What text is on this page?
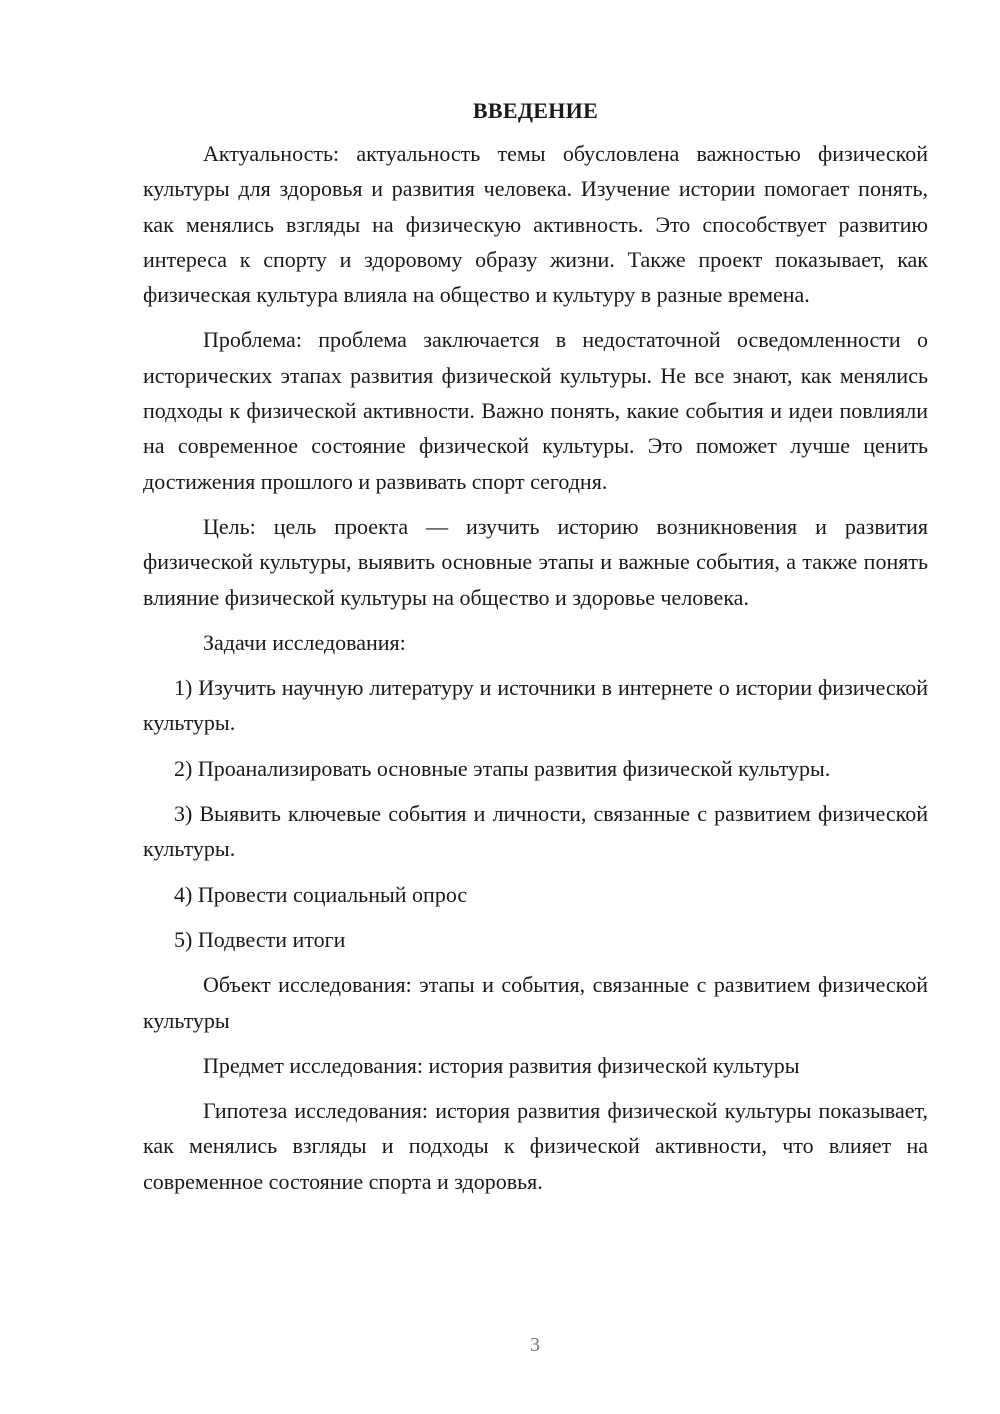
ВВЕДЕНИЕ
Актуальность: актуальность темы обусловлена важностью физической культуры для здоровья и развития человека. Изучение истории помогает понять, как менялись взгляды на физическую активность. Это способствует развитию интереса к спорту и здоровому образу жизни. Также проект показывает, как физическая культура влияла на общество и культуру в разные времена.
Проблема: проблема заключается в недостаточной осведомленности о исторических этапах развития физической культуры. Не все знают, как менялись подходы к физической активности. Важно понять, какие события и идеи повлияли на современное состояние физической культуры. Это поможет лучше ценить достижения прошлого и развивать спорт сегодня.
Цель: цель проекта — изучить историю возникновения и развития физической культуры, выявить основные этапы и важные события, а также понять влияние физической культуры на общество и здоровье человека.
Задачи исследования:
1) Изучить научную литературу и источники в интернете о истории физической культуры.
2) Проанализировать основные этапы развития физической культуры.
3) Выявить ключевые события и личности, связанные с развитием физической культуры.
4) Провести социальный опрос
5) Подвести итоги
Объект исследования: этапы и события, связанные с развитием физической культуры
Предмет исследования: история развития физической культуры
Гипотеза исследования: история развития физической культуры показывает, как менялись взгляды и подходы к физической активности, что влияет на современное состояние спорта и здоровья.
3
